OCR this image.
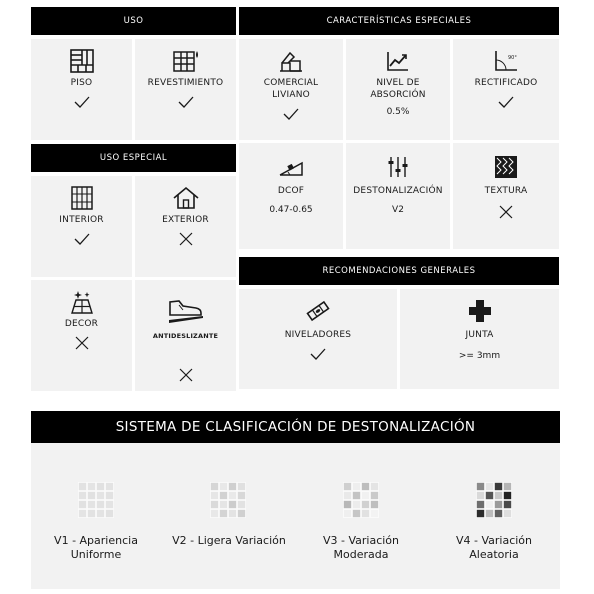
USO
PISO	REVESTIMIENTO
CARACTERÍSTICAS ESPECIALES
COMERCIAL LIVIANO
NIVEL DE ABSORCIÓN
0.5%
90°
RECTIFICADO
DCOF
0.47-0.65
DESTONALIZACIÓN
V2
TEXTURA
USO ESPECIAL
INTERIOR	EXTERIOR
DECOR
ANTIDESLIZANTE
RECOMENDACIONES GENERALES
NIVELADORES	JUNTA
>= 3mm
SISTEMA DE CLASIFICACIÓN DE DESTONALIZACIÓN
V1 - Apariencia
Uniforme
V2 - Ligera Variación	V3 - Variación
Moderada
V4 - Variación
Aleatoria
